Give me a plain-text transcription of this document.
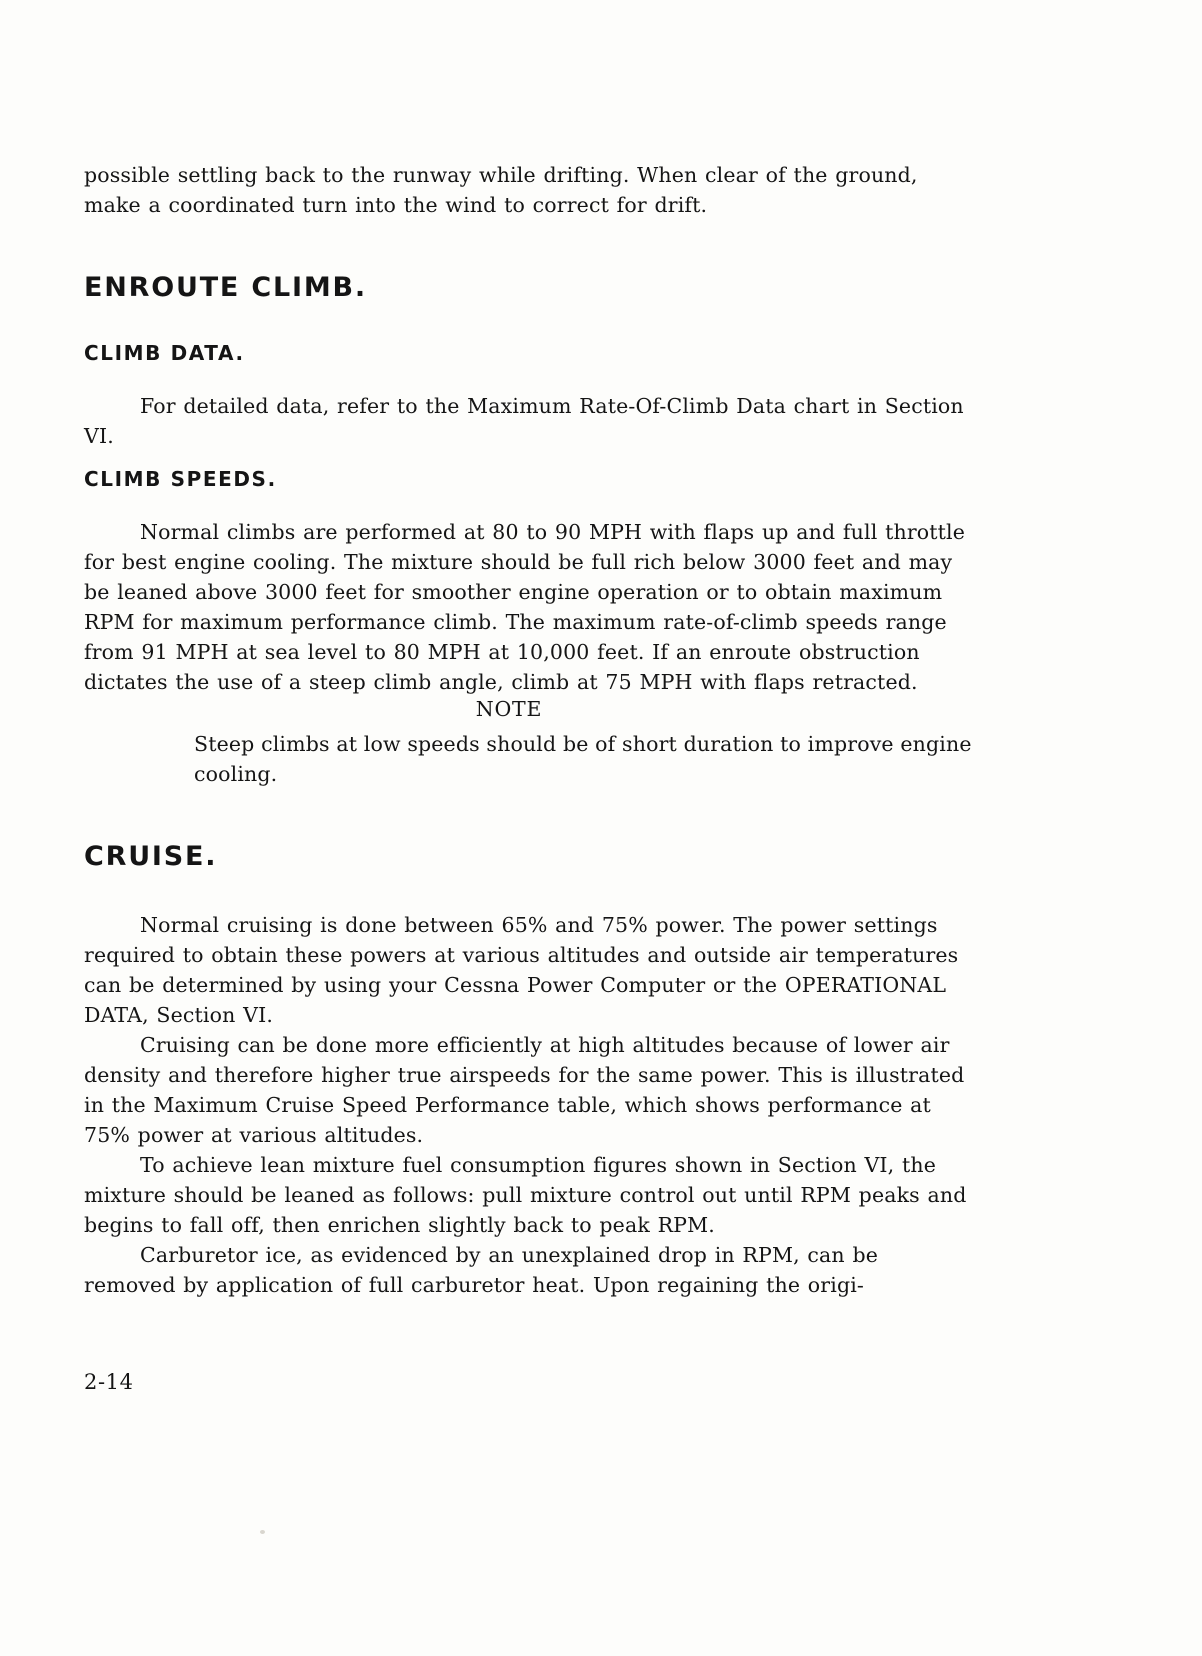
possible settling back to the runway while drifting. When clear of the ground, make a coordinated turn into the wind to correct for drift.

ENROUTE CLIMB.
CLIMB DATA.

For detailed data, refer to the Maximum Rate-Of-Climb Data chart in Section VI.

CLIMB SPEEDS.

Normal climbs are performed at 80 to 90 MPH with flaps up and full throttle for best engine cooling. The mixture should be full rich below 3000 feet and may be leaned above 3000 feet for smoother engine operation or to obtain maximum RPM for maximum performance climb. The maximum rate-of-climb speeds range from 91 MPH at sea level to 80 MPH at 10,000 feet. If an enroute obstruction dictates the use of a steep climb angle, climb at 75 MPH with flaps retracted.

NOTE

Steep climbs at low speeds should be of short duration to improve engine cooling.

CRUISE.

Normal cruising is done between 65% and 75% power. The power settings required to obtain these powers at various altitudes and outside air temperatures can be determined by using your Cessna Power Computer or the OPERATIONAL DATA, Section VI.

Cruising can be done more efficiently at high altitudes because of lower air density and therefore higher true airspeeds for the same power. This is illustrated in the Maximum Cruise Speed Performance table, which shows performance at 75% power at various altitudes.

To achieve lean mixture fuel consumption figures shown in Section VI, the mixture should be leaned as follows: pull mixture control out until RPM peaks and begins to fall off, then enrichen slightly back to peak RPM.

Carburetor ice, as evidenced by an unexplained drop in RPM, can be removed by application of full carburetor heat. Upon regaining the origi-

2-14
